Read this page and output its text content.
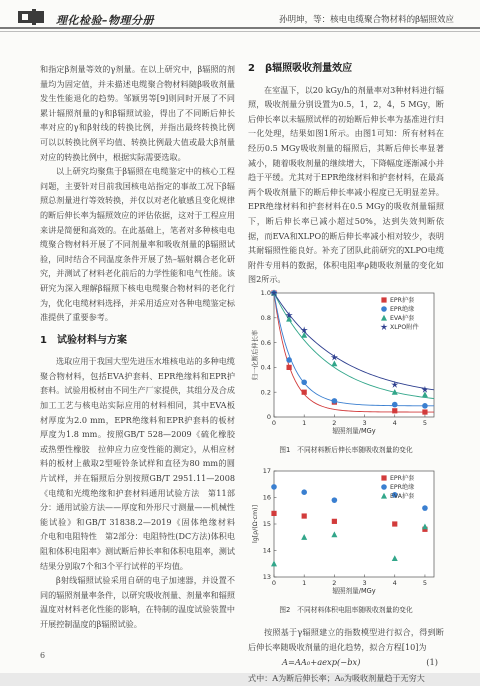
理化检验–物理分册	孙明坤，等：核电电缆聚合物材料的β辐照效应

和指定β剂量等效的γ剂量。在以上研究中，β辐照的剂量均为固定值，并未描述电缆聚合物材料随β吸收剂量发生性能退化的趋势。邹颖男等[9]则同时开展了不同累计辐照剂量的γ和β辐照试验，得出了不同断后伸长率对应的γ和β射线的转换比例，并指出最终转换比例可以以转换比例平均值、转换比例最大值或最大β剂量对应的转换比例中，根据实际需要选取。

以上研究均聚焦于β辐照在电缆鉴定中的核心工程问题，主要针对目前我国核电站指定的事故工况下β辐照总剂量进行等效转换，并仅以对老化敏感且变化规律的断后伸长率为辐照效应的评估依据，这对于工程应用来讲是简便和高效的。在此基础上，笔者对多种核电电缆聚合物材料开展了不同剂量率和吸收剂量的β辐照试验，同时结合不同温度条件开展了热–辐射耦合老化研究，并测试了材料老化前后的力学性能和电气性能。该研究为深入理解β辐照下核电电缆聚合物材料的老化行为，优化电缆材料选择，并采用适应对各种电缆鉴定标准提供了重要参考。

1　试验材料与方案

选取应用于我国大型先进压水堆核电站的多种电缆聚合物材料，包括EVA护套料、EPR绝缘料和EPR护套料。试验用板材由不同生产厂家提供，其组分及合成加工工艺与核电站实际应用的材料相同，其中EVA板材厚度为2.0 mm，EPR绝缘料和EPR护套料的板材厚度为1.8 mm。按照GB/T 528—2009《硫化橡胶或热塑性橡胶　拉伸应力应变性能的测定》，从相应材料的板材上截取2型哑铃条试样和直径为80 mm的圆片试样，并在辐照后分别按照GB/T 2951.11—2008《电缆和光缆绝缘和护套材料通用试验方法　第11部分：通用试验方法——厚度和外形尺寸测量——机械性能试验》和GB/T 31838.2—2019《固体绝缘材料　介电和电阻特性　第2部分：电阻特性(DC方法)体积电阻和体积电阻率》测试断后伸长率和体积电阻率，测试结果分别取7个和3个平行试样的平均值。

β射线辐照试验采用自研的电子加速器，并设置不同的辐照剂量率条件，以研究吸收剂量、剂量率和辐照温度对材料老化性能的影响，在特制的温度试验装置中开展控制温度的β辐照试验。

2　β辐照吸收剂量效应

在室温下，以20 kGy/h的剂量率对3种材料进行辐照，吸收剂量分别设置为0.5，1，2，4，5 MGy，断后伸长率以未辐照试样的初始断后伸长率为基准进行归一化处理，结果如图1所示。由图1可知：所有材料在经历0.5 MGy吸收剂量的辐照后，其断后伸长率显著减小，随着吸收剂量的继续增大，下降幅度逐渐减小并趋于平缓。尤其对于EPR绝缘材料和护套材料，在最高两个吸收剂量下的断后伸长率减小程度已无明显差异。EPR绝缘材料和护套材料在0.5 MGy的吸收剂量辐照下，断后伸长率已减小超过50%，达到失效判断依据，而EVA和XLPO的断后伸长率减小相对较少，表明其耐辐照性能良好。补充了团队此前研究的XLPO电缆附件专用料的数据，体积电阻率ρ随吸收剂量的变化如图2所示。

0	1	2	3	4	5
0
0.2
0.4
0.6
0.8
1.0
辐照剂量/MGy
归一化断后伸长率
EPR护套
EPR绝缘
EVA护套
XLPO附件
图1　不同材料断后伸长率随吸收剂量的变化
0	1	2	3	4	5
13
14
15
16
17
辐照剂量/MGy
lg[ρ/(Ω·cm)]
EPR护套
EPR绝缘
EVA护套
图2　不同材料体积电阻率随吸收剂量的变化

按照基于γ辐照建立的指数模型进行拟合，得到断后伸长率随吸收剂量的退化趋势，拟合方程[10]为

A=AA₀+aexp(−bx)	(1)

式中：A为断后伸长率；A₀为吸收剂量趋于无穷大

6
